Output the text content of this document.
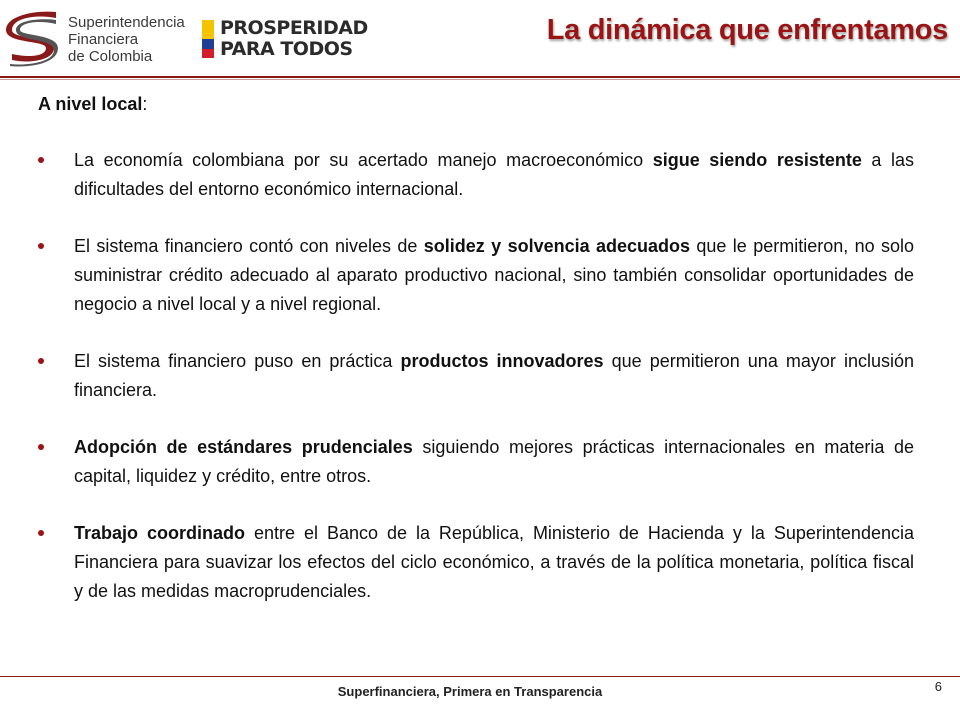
Superintendencia
Financiera
de Colombia
PROSPERIDAD
PARA TODOS
La dinámica que enfrentamos
A nivel local:
La economía colombiana por su acertado manejo macroeconómico sigue siendo resistente a las dificultades del entorno económico internacional.
El sistema financiero contó con niveles de solidez y solvencia adecuados que le permitieron, no solo suministrar crédito adecuado al aparato productivo nacional, sino también consolidar oportunidades de negocio a nivel local y a nivel regional.
El sistema financiero puso en práctica productos innovadores que permitieron una mayor inclusión financiera.
Adopción de estándares prudenciales siguiendo mejores prácticas internacionales en materia de capital, liquidez y crédito, entre otros.
Trabajo coordinado entre el Banco de la República, Ministerio de Hacienda y la Superintendencia Financiera para suavizar los efectos del ciclo económico, a través de la política monetaria, política fiscal y de las medidas macroprudenciales.
Superfinanciera, Primera en Transparencia	6
